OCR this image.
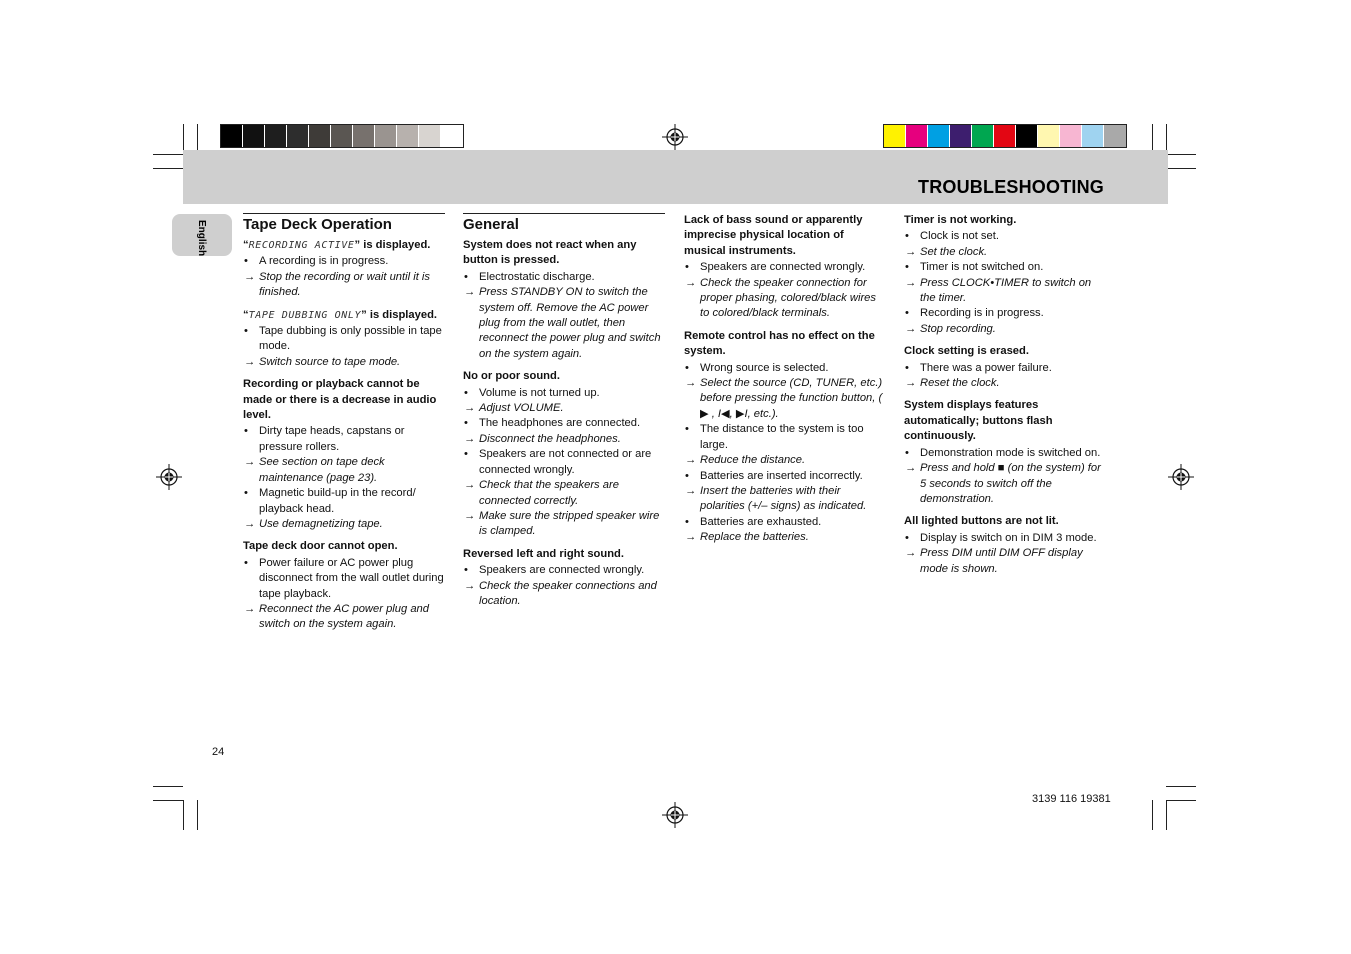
TROUBLESHOOTING
English Tape Deck Operation
“RECORDING ACTIVE” is displayed.
• A recording is in progress.
→ Stop the recording or wait until it is finished.
“TAPE DUBBING ONLY” is displayed.
• Tape dubbing is only possible in tape mode.
→ Switch source to tape mode.
Recording or playback cannot be made or there is a decrease in audio level.
• Dirty tape heads, capstans or pressure rollers.
→ See section on tape deck maintenance (page 23).
• Magnetic build-up in the record/ playback head.
→ Use demagnetizing tape.
Tape deck door cannot open.
• Power failure or AC power plug disconnect from the wall outlet during tape playback.
→ Reconnect the AC power plug and switch on the system again.
General
System does not react when any button is pressed.
• Electrostatic discharge.
→ Press STANDBY ON to switch the system off. Remove the AC power plug from the wall outlet, then reconnect the power plug and switch on the system again.
No or poor sound.
• Volume is not turned up.
→ Adjust VOLUME.
• The headphones are connected.
→ Disconnect the headphones.
• Speakers are not connected or are connected wrongly.
→ Check that the speakers are connected correctly.
→ Make sure the stripped speaker wire is clamped.
Reversed left and right sound.
• Speakers are connected wrongly.
→ Check the speaker connections and location.
Lack of bass sound or apparently imprecise physical location of musical instruments.
• Speakers are connected wrongly.
→ Check the speaker connection for proper phasing, colored/black wires to colored/black terminals.
Remote control has no effect on the system.
• Wrong source is selected.
→ Select the source (CD, TUNER, etc.) before pressing the function button, ( ▶ , I◀, ▶I, etc.).
• The distance to the system is too large.
→ Reduce the distance.
• Batteries are inserted incorrectly.
→ Insert the batteries with their polarities (+/– signs) as indicated.
• Batteries are exhausted.
→ Replace the batteries.
Timer is not working.
• Clock is not set.
→ Set the clock.
• Timer is not switched on.
→ Press CLOCK•TIMER to switch on the timer.
• Recording is in progress.
→ Stop recording.
Clock setting is erased.
• There was a power failure.
→ Reset the clock.
System displays features automatically; buttons flash continuously.
• Demonstration mode is switched on.
→ Press and hold ■ (on the system) for 5 seconds to switch off the demonstration.
All lighted buttons are not lit.
• Display is switch on in DIM 3 mode.
→ Press DIM until DIM OFF display mode is shown.
24
3139 116 19381
